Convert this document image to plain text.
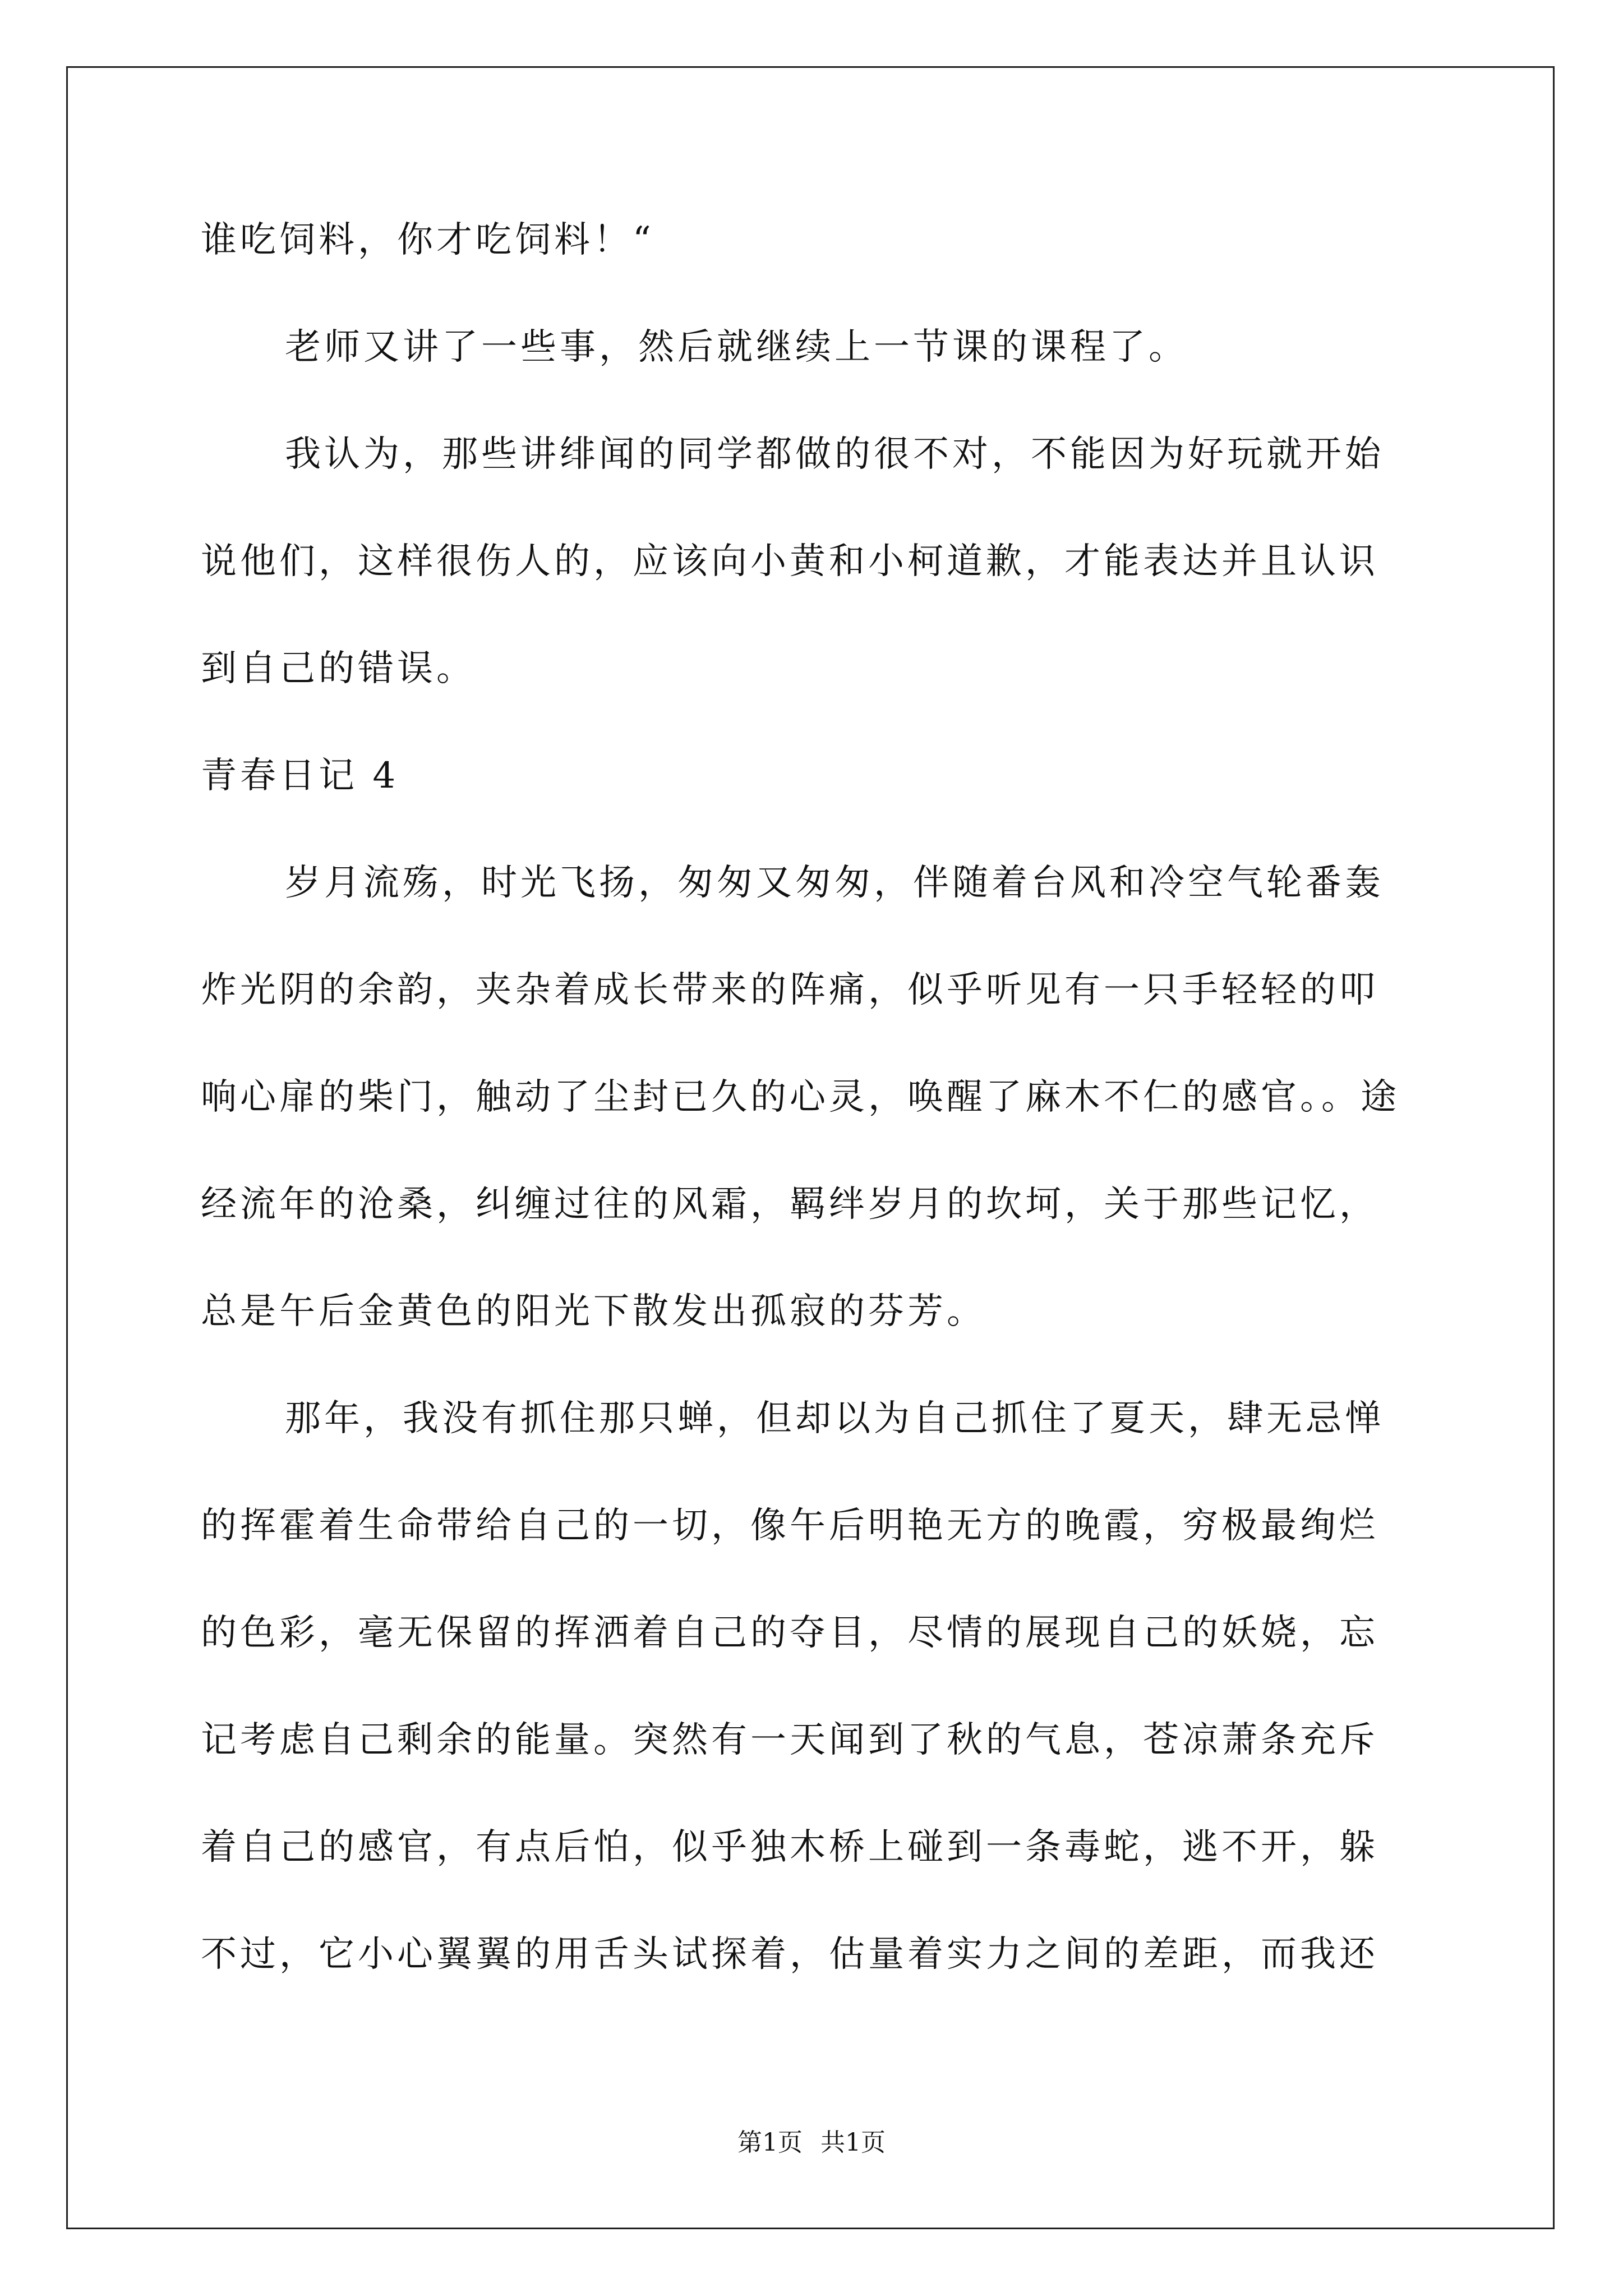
谁吃饲料，你才吃饲料！“
老师又讲了一些事，然后就继续上一节课的课程了。
我认为，那些讲绯闻的同学都做的很不对，不能因为好玩就开始
说他们，这样很伤人的，应该向小黄和小柯道歉，才能表达并且认识
到自己的错误。
青春日记 4
岁月流殇，时光飞扬，匆匆又匆匆，伴随着台风和冷空气轮番轰
炸光阴的余韵，夹杂着成长带来的阵痛，似乎听见有一只手轻轻的叩
响心扉的柴门，触动了尘封已久的心灵，唤醒了麻木不仁的感官。。途
经流年的沧桑，纠缠过往的风霜，羁绊岁月的坎坷，关于那些记忆，
总是午后金黄色的阳光下散发出孤寂的芬芳。
那年，我没有抓住那只蝉，但却以为自己抓住了夏天，肆无忌惮
的挥霍着生命带给自己的一切，像午后明艳无方的晚霞，穷极最绚烂
的色彩，毫无保留的挥洒着自己的夺目，尽情的展现自己的妖娆，忘
记考虑自己剩余的能量。突然有一天闻到了秋的气息，苍凉萧条充斥
着自己的感官，有点后怕，似乎独木桥上碰到一条毒蛇，逃不开，躲
不过，它小心翼翼的用舌头试探着，估量着实力之间的差距，而我还
第1页 共1页
